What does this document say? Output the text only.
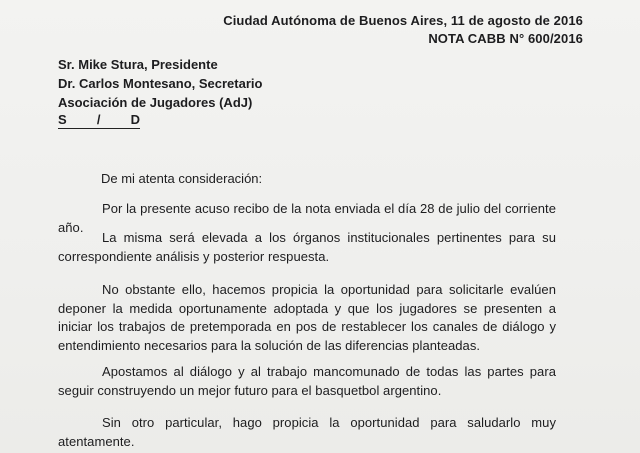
Ciudad Autónoma de Buenos Aires, 11 de agosto de 2016
NOTA CABB N° 600/2016
Sr. Mike Stura, Presidente
Dr. Carlos Montesano, Secretario
Asociación de Jugadores (AdJ)
S / D
De mi atenta consideración:
Por la presente acuso recibo de la nota enviada el día 28 de julio del corriente año.
La misma será elevada a los órganos institucionales pertinentes para su correspondiente análisis y posterior respuesta.
No obstante ello, hacemos propicia la oportunidad para solicitarle evalúen deponer la medida oportunamente adoptada y que los jugadores se presenten a iniciar los trabajos de pretemporada en pos de restablecer los canales de diálogo y entendimiento necesarios para la solución de las diferencias planteadas.
Apostamos al diálogo y al trabajo mancomunado de todas las partes para seguir construyendo un mejor futuro para el basquetbol argentino.
Sin otro particular, hago propicia la oportunidad para saludarlo muy atentamente.
